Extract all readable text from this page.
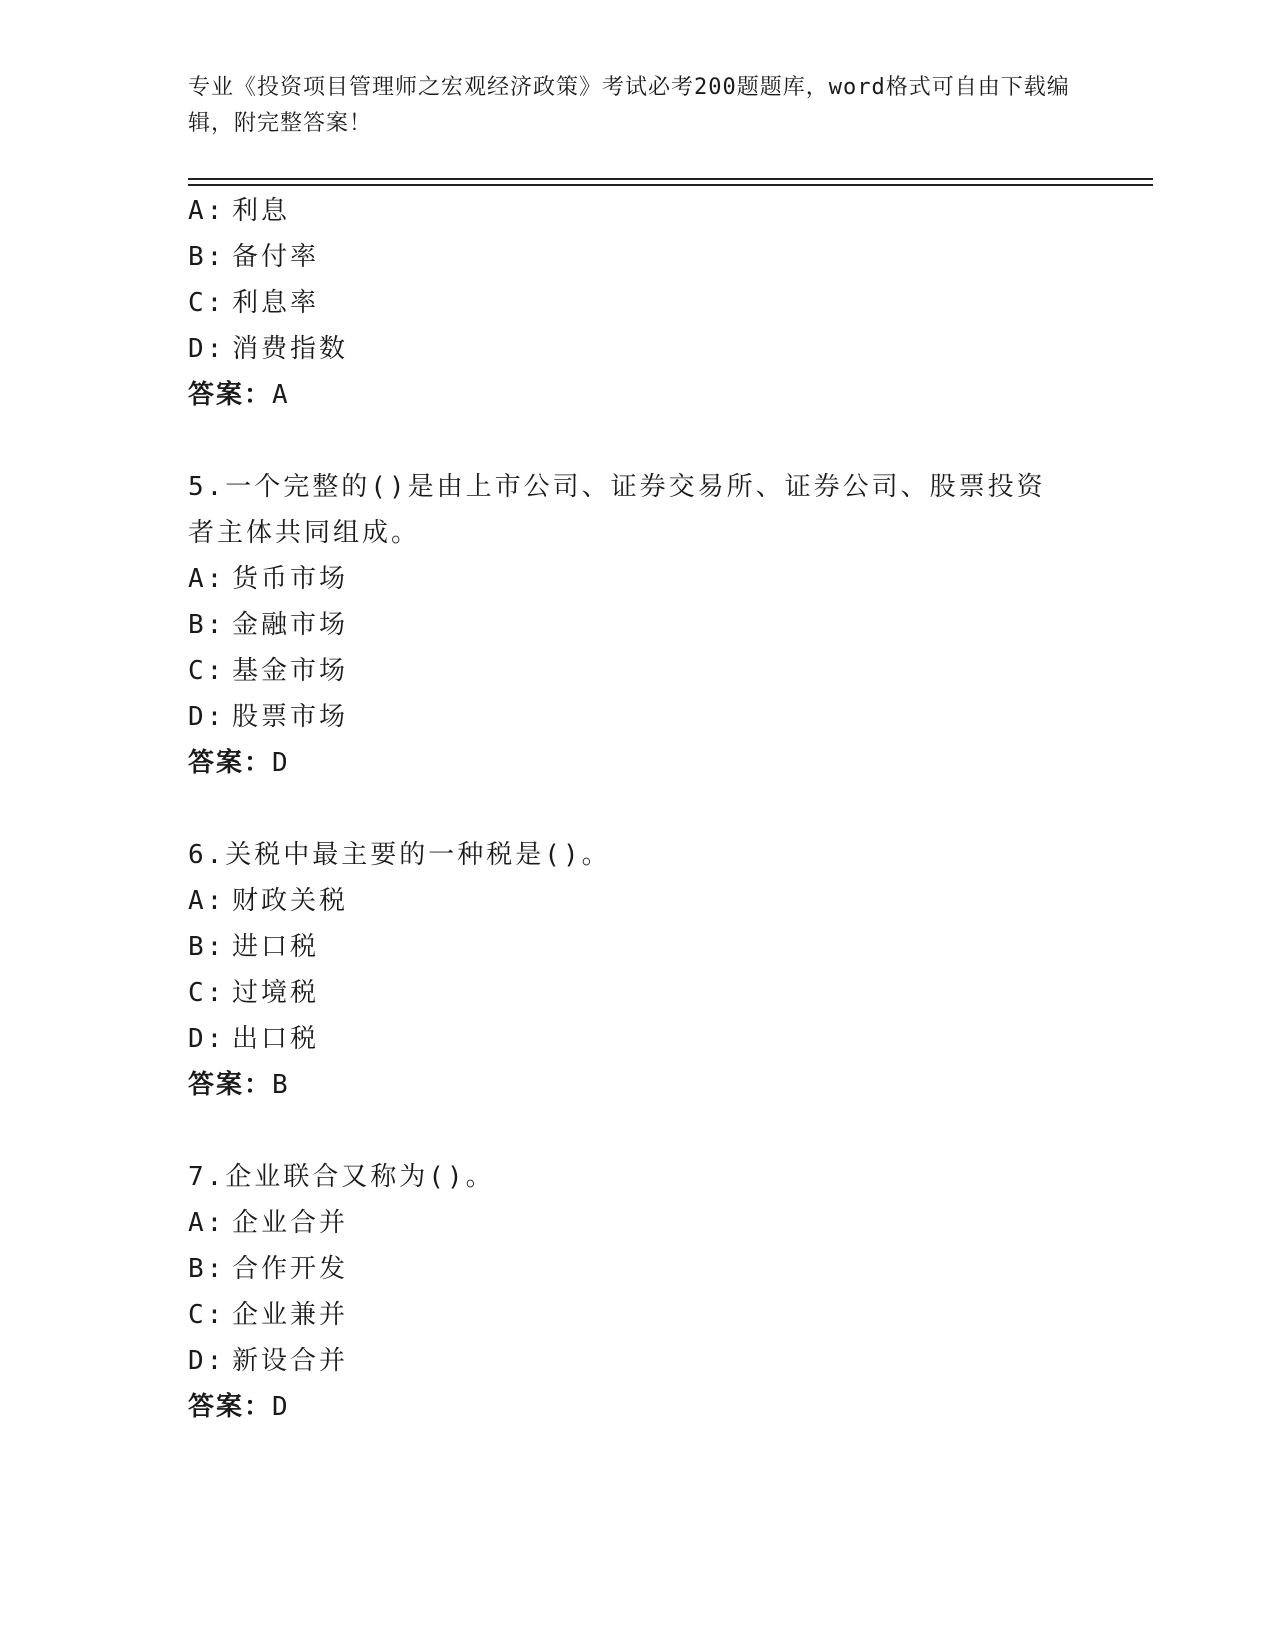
专业《投资项目管理师之宏观经济政策》考试必考200题题库，word格式可自由下载编辑，附完整答案！
A: 利息
B: 备付率
C: 利息率
D: 消费指数
答案：A
5.一个完整的()是由上市公司、证券交易所、证券公司、股票投资者主体共同组成。
A: 货币市场
B: 金融市场
C: 基金市场
D: 股票市场
答案：D
6.关税中最主要的一种税是()。
A: 财政关税
B: 进口税
C: 过境税
D: 出口税
答案：B
7.企业联合又称为()。
A: 企业合并
B: 合作开发
C: 企业兼并
D: 新设合并
答案：D
